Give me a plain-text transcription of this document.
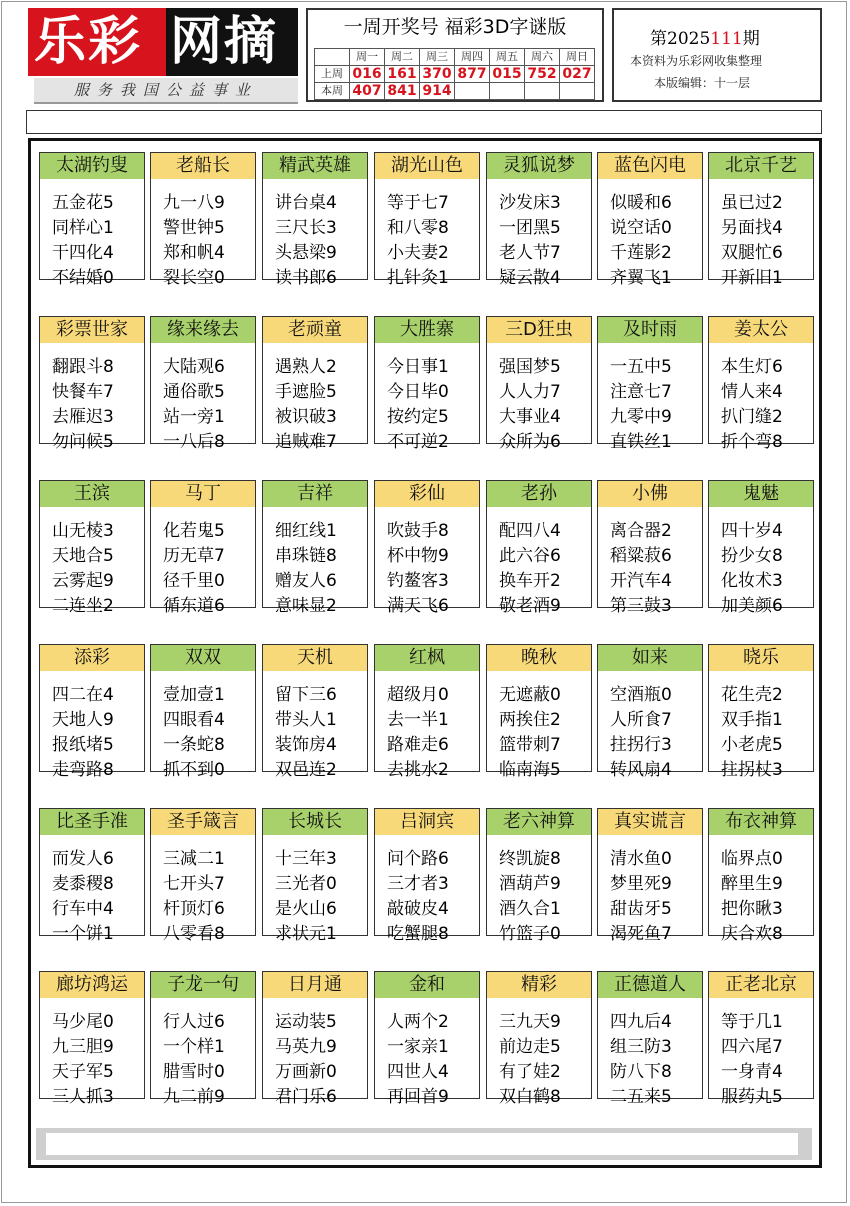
乐彩 网摘
服务我国公益事业
一周开奖号 福彩3D字谜版
	周一	周二	周三	周四	周五	周六	周日
上周	016	161	370	877	015	752	027
本周	407	841	914				
第2025111期
本资料为乐彩网收集整理
本版编辑：十一层
太湖钓叟
五金花5
同样心1
干四化4
不结婚0
老船长
九一八9
警世钟5
郑和帆4
裂长空0
精武英雄
讲台桌4
三尺长3
头悬梁9
读书郎6
湖光山色
等于七7
和八零8
小夫妻2
扎针灸1
灵狐说梦
沙发床3
一团黑5
老人节7
疑云散4
蓝色闪电
似暖和6
说空话0
千莲影2
齐翼飞1
北京千艺
虽已过2
另面找4
双腿忙6
开新旧1
彩票世家
翻跟斗8
快餐车7
去雁迟3
勿问候5
缘来缘去
大陆观6
通俗歌5
站一旁1
一八后8
老顽童
遇熟人2
手遮脸5
被识破3
追贼难7
大胜寨
今日事1
今日毕0
按约定5
不可逆2
三D狂虫
强国梦5
人人力7
大事业4
众所为6
及时雨
一五中5
注意七7
九零中9
直铁丝1
姜太公
本生灯6
情人来4
扒门缝2
折个弯8
王滨
山无棱3
天地合5
云雾起9
二连坐2
马丁
化若鬼5
历无草7
径千里0
循东道6
吉祥
细红线1
串珠链8
赠友人6
意味显2
彩仙
吹鼓手8
杯中物9
钓鳌客3
满天飞6
老孙
配四八4
此六谷6
换车开2
敬老酒9
小佛
离合器2
稻粱菽6
开汽车4
第三鼓3
鬼魅
四十岁4
扮少女8
化妆术3
加美颜6
添彩
四二在4
天地人9
报纸堵5
走弯路8
双双
壹加壹1
四眼看4
一条蛇8
抓不到0
天机
留下三6
带头人1
装饰房4
双邑连2
红枫
超级月0
去一半1
路难走6
去挑水2
晚秋
无遮蔽0
两挨住2
篮带刺7
临南海5
如来
空酒瓶0
人所食7
拄拐行3
转风扇4
晓乐
花生壳2
双手指1
小老虎5
拄拐杖3
比圣手准
而发人6
麦黍稷8
行车中4
一个饼1
圣手箴言
三减二1
七开头7
杆顶灯6
八零看8
长城长
十三年3
三光者0
是火山6
求状元1
吕洞宾
问个路6
三才者3
敲破皮4
吃蟹腿8
老六神算
终凯旋8
酒葫芦9
酒久合1
竹篮子0
真实谎言
清水鱼0
梦里死9
甜齿牙5
渴死鱼7
布衣神算
临界点0
醉里生9
把你瞅3
庆合欢8
廊坊鸿运
马少尾0
九三胆9
天子军5
三人抓3
子龙一句
行人过6
一个样1
腊雪时0
九二前9
日月通
运动装5
马英九9
万画新0
君门乐6
金和
人两个2
一家亲1
四世人4
再回首9
精彩
三九天9
前边走5
有了娃2
双白鹤8
正德道人
四九后4
组三防3
防八下8
二五来5
正老北京
等于几1
四六尾7
一身青4
服药丸5
